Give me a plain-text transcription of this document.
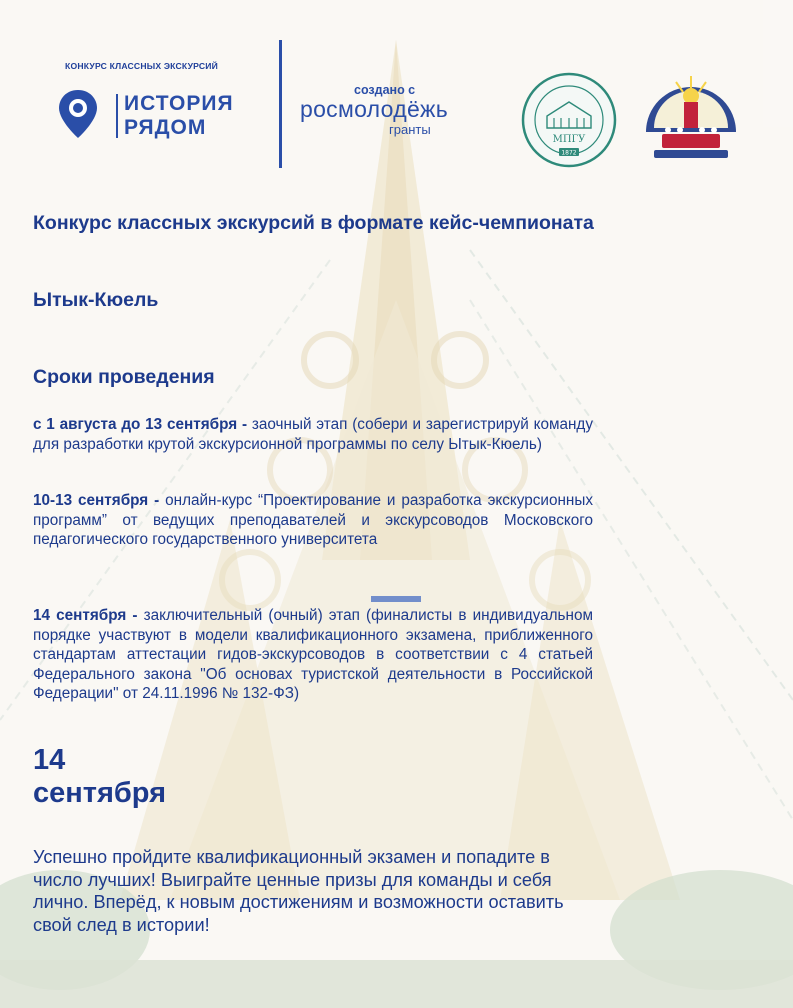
КОНКУРС КЛАССНЫХ ЭКСКУРСИЙ
ИСТОРИЯ
РЯДОМ
создано с
росмолодёжь
гранты
МПГУ
1872
Конкурс классных экскурсий в формате кейс-чемпионата
Ытык-Кюель
Сроки проведения
с 1 августа до 13 сентября - заочный этап (собери и зарегистрируй команду для разработки крутой экскурсионной программы по селу Ытык-Кюель)
10-13 сентября - онлайн-курс “Проектирование и разработка экскурсионных программ” от ведущих преподавателей и экскурсоводов Московского педагогического государственного университета
14 сентября - заключительный (очный) этап (финалисты в индивидуальном порядке участвуют в модели квалификационного экзамена, приближенного стандартам аттестации гидов-экскурсоводов в соответствии с 4 статьей Федерального закона "Об основах туристской деятельности в Российской Федерации" от 24.11.1996 № 132-ФЗ)
14
сентября
Успешно пройдите квалификационный экзамен и попадите в число лучших! Выиграйте ценные призы для команды и себя лично. Вперёд, к новым достижениям и возможности оставить свой след в истории!
